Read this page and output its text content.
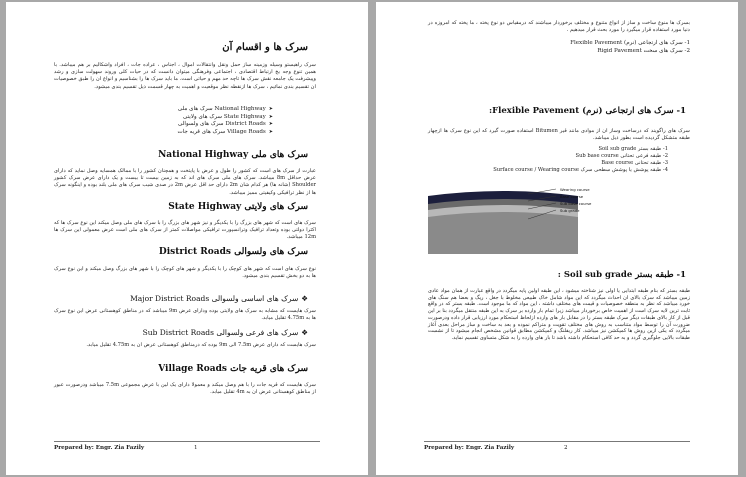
سرک ها و اقسام آن
سرک راهیستو وسیله وزمینه ساز حمل ونقل وانتقالات اموال ، اجناس ، عراده جات ، افراد واشکالیم بر هم میباشد. با همین تنوع وجه بخ ارتباط اقتصادی ، اجتماعی وفرهنگی میتوان دانست که در حیات کلی وروند سهولت سازی و رشد وپیشرفت یک جامعه نقش سرک ها تاچه حد مهم و حیاتی است. ما باید سرک ها را بشناسیم و انواع ان را طبق خصوصیات ان تقسیم بندی نمائیم ، سرک ها ازنقطه نظر موقعیت و اهمیت به چهار قسمت ذیل تقسیم بندی میشود.
➤ National Highway سرک های ملی
➤ State Highway سرک های ولایتی
➤ District Roads سرک های ولسوالی
➤ Village Roads سرک های قریه جات
سرک های ملی National Highway
عبارت از سرک های است که کشور را طول و عرض با پایتخت و همچنان کشور را با ممالک همسایه وصل نماید که دارای عرض حداقل 8m میباشد. سرک های ملی سرک های اند که به زمین بیست تا بیست و یک دارای عرض سرک کشور Shoulder (شانه ها) هر کدام شان 2m دارای حد اقل عرض 2m در صدی شیب سرک های ملی بلند بوده و اینگونه سرک ها از نظر ترافیکی وکیفیتی ممیز میباشد.
سرک های ولایتی State Highway
سرک های است که شهر های بزرگ را با یکدیگر و نیز شهر های بزرگ را با سرک های ملی وصل میکند این نوع سرک ها که اکثرا دولتی بوده وتعداد ترافیک وترانسپورت ترافیکی مواصلات کمتر از سرک های ملی است عرض معمولی این سرک ها 12m میباشد.
سرک های ولسوالی District Roads
نوع سرک های است که شهر های کوچک را با یکدیگر و شهر های کوچک را با شهر های بزرگ وصل میکند و این نوع سرک ها به دو بخش تقسیم بندی میشود.
❖ سرک های اساسی ولسوالی Major District Roads
سرک هایست که مشابه به سرک های ولایتی بوده ودارای عرض 9m میباشد که در مناطق کوهستانی عرض این نوع سرک ها به 4.75m تقلیل میابد.
❖ سرک های فرعی ولسوالی Sub District Roads
سرک هایست که دارای عرض 7.5m الی 9m بوده که درمناطق کوهستانی عرض ان به 4.75m تقلیل میابد.
سرک های قریه جات Village Roads
سرک هایست که قریه جات را با هم وصل میکند و معمولا دارای یک لین با عرض مجموعی 7.5m میباشد ودرصورت عبور از مناطق کوهستانی عرض ان به 4m تقلیل میابد.
Prepared by: Engr. Zia Fazily	1
بسرک ها منوع ساخت و ساز از انواع متنوع و مختلف برخوردار میباشند که درمقیاس دو نوع پخته ، ما پخته که امروزه در دنیا مورد استفاده قرار میگیرد را مورد بحث قرار میدهیم .
1- سرک های ارتجاعی (نرم) Flexible Pavement
2- سرک های سخت Rigid Pavement
1- سرک های ارتجاعی (نرم) Flexible Pavement:
سرک های راگویند که درساخت وساز ان از موادی مانند قیر Bitumen استفاده صورت گیرد که این نوع سرک ها ازچهار طبقه متشکل گردیده است بطور ذیل میباشد.
1- طبقه بستر Soil sub grade
2- طبقه فرعی تحتانی Sub base course
3- طبقه تحتانی Base course
4- طبقه پوشش یا پوشش سطحی سرک Surface course / Wearing course
Wearing course
Base course
Sub base course
Sub grade
1- طبقه بستر Soil sub grade :
طبقه بستر که بنام طبقه ابتدایی یا اولی نیز شناخته میشود ، این طبقه اولین پایه میگردد در واقع عبارت از همان مواد عادی زمین میباشد که سرک بالای ان احداث میگردد که این مواد شامل خاک طبیعی مخلوط با جغل ، ریگ و بعضا هم سنگ های خورد میباشد که نظر به منطقه خصوصیات و قیمت های مختلف داشته ، این مواد که ما موجود است. طبقه بستر که در واقع ثابت ترین لایه سرک است از اهمیت خاص برخوردار میباشد زیرا تمام بار وارده بر سرک به این طبقه منتقل میگردد بنا بر این قبل از کار بالای طبقات دیگر سرک طبقه بستر را در مقابل بار های وارده ازلحاظ استحکام مورد ارزیابی قرار داده ودرصورت ضرورت آن را توسط مواد متناسب به روش های مختلف تقویت و متراکم نموده و بعد به ساخت و ساز مراحل بعدی آغاز میگردد که یکی ازین روش ها کمپکشن نیز میباشد. کار ریفلنگ و کمپکشن مطابق قوانین مشخص انجام میشود تا از نشست طبقات بالایی جلوگیری گردد و به حد کافی استحکام داشته باشد تا بار های وارده را به شکل متساوی تقسیم نماید.
Prepared by: Engr. Zia Fazily	2
